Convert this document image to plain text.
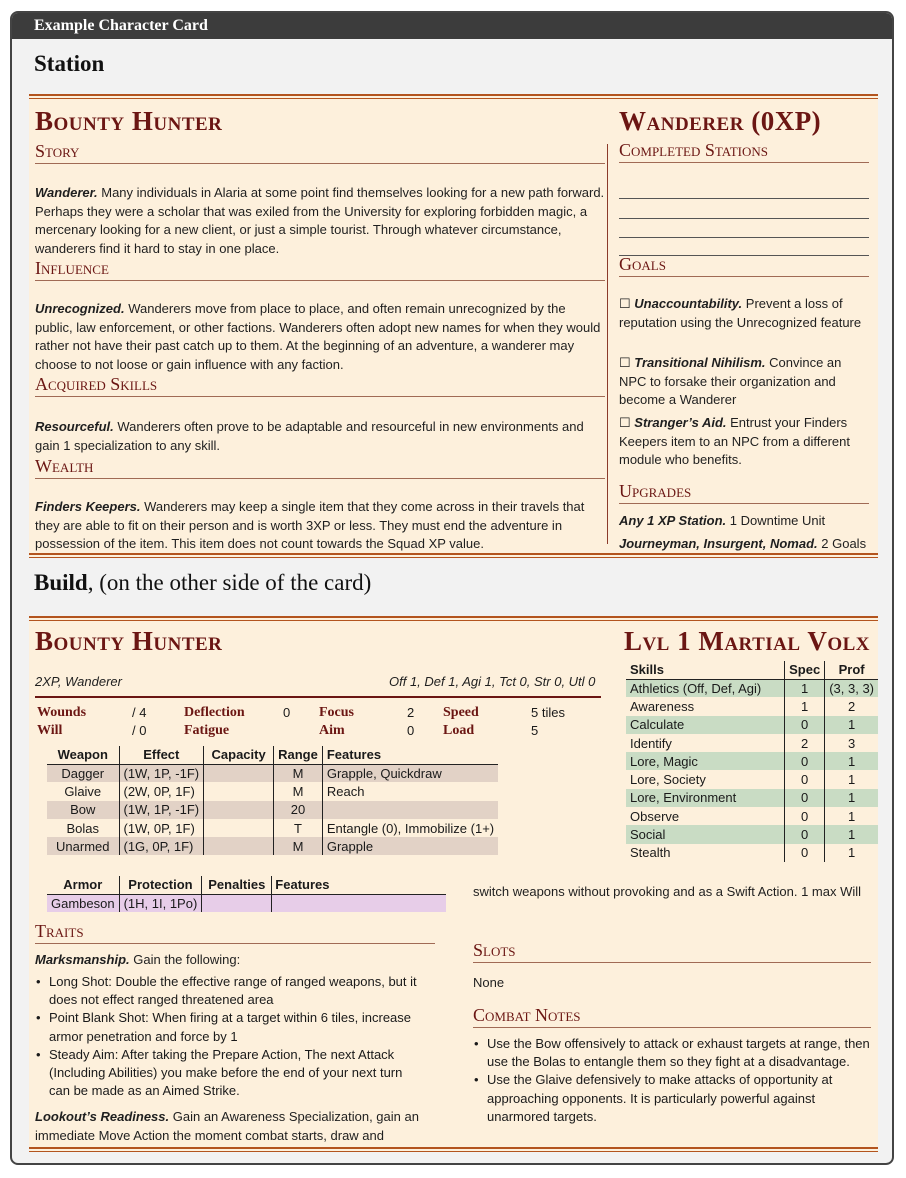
Example Character Card
Station
Bounty Hunter	Wanderer (0XP)
Story
Wanderer. Many individuals in Alaria at some point find themselves looking for a new path forward. Perhaps they were a scholar that was exiled from the University for exploring forbidden magic, a mercenary looking for a new client, or just a simple tourist. Through whatever circumstance, wanderers find it hard to stay in one place.
Influence
Unrecognized. Wanderers move from place to place, and often remain unrecognized by the public, law enforcement, or other factions. Wanderers often adopt new names for when they would rather not have their past catch up to them. At the beginning of an adventure, a wanderer may choose to not loose or gain influence with any faction.
Acquired Skills
Resourceful. Wanderers often prove to be adaptable and resourceful in new environments and gain 1 specialization to any skill.
Wealth
Finders Keepers. Wanderers may keep a single item that they come across in their travels that they are able to fit on their person and is worth 3XP or less. They must end the adventure in possession of the item. This item does not count towards the Squad XP value.
Completed Stations
Goals
☐ Unaccountability. Prevent a loss of reputation using the Unrecognized feature
☐ Transitional Nihilism. Convince an NPC to forsake their organization and become a Wanderer
☐ Stranger’s Aid. Entrust your Finders Keepers item to an NPC from a different module who benefits.
Upgrades
Any 1 XP Station. 1 Downtime Unit
Journeyman, Insurgent, Nomad. 2 Goals
Build, (on the other side of the card)
Bounty Hunter	Lvl 1 Martial Volx
2XP, Wanderer	Off 1, Def 1, Agi 1, Tct 0, Str 0, Utl 0
Wounds	/ 4
Will	/ 0
Deflection	0
Fatigue
Focus	2
Aim	0
Speed	5 tiles
Load	5
Weapon	Effect	Capacity	Range	Features
Dagger	(1W, 1P, -1F)		M	Grapple, Quickdraw
Glaive	(2W, 0P, 1F)		M	Reach
Bow	(1W, 1P, -1F)		20	
Bolas	(1W, 0P, 1F)		T	Entangle (0), Immobilize (1+)
Unarmed	(1G, 0P, 1F)		M	Grapple
Armor	Protection	Penalties	Features
Gambeson	(1H, 1I, 1Po)		
Skills	Spec	Prof
Athletics (Off, Def, Agi)	1	(3, 3, 3)
Awareness	1	2
Calculate	0	1
Identify	2	3
Lore, Magic	0	1
Lore, Society	0	1
Lore, Environment	0	1
Observe	0	1
Social	0	1
Stealth	0	1
Traits
Marksmanship. Gain the following:
• Long Shot: Double the effective range of ranged weapons, but it does not effect ranged threatened area
• Point Blank Shot: When firing at a target within 6 tiles, increase armor penetration and force by 1
• Steady Aim: After taking the Prepare Action, The next Attack (Including Abilities) you make before the end of your next turn can be made as an Aimed Strike.
Lookout’s Readiness. Gain an Awareness Specialization, gain an immediate Move Action the moment combat starts, draw and
switch weapons without provoking and as a Swift Action. 1 max Will
Slots
None
Combat Notes
• Use the Bow offensively to attack or exhaust targets at range, then use the Bolas to entangle them so they fight at a disadvantage.
• Use the Glaive defensively to make attacks of opportunity at approaching opponents. It is particularly powerful against unarmored targets.
